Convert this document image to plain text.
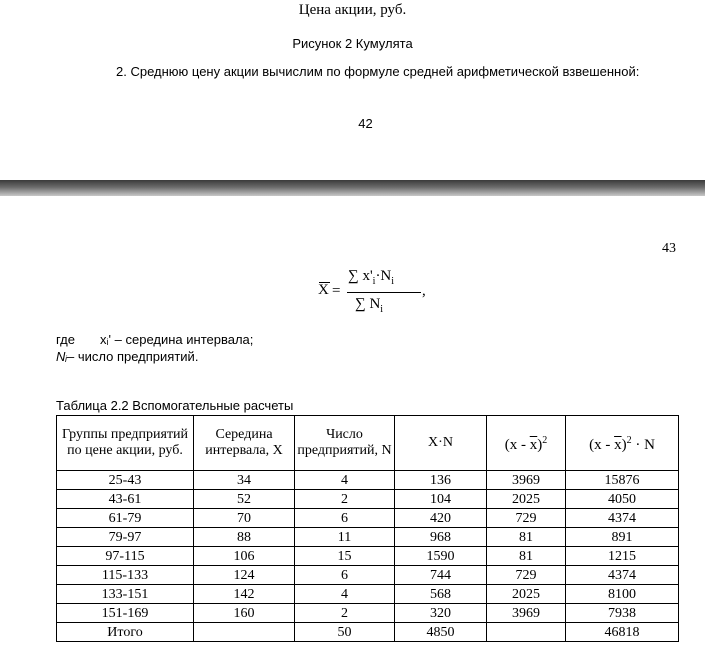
Цена акции, руб.
Рисунок 2 Кумулята
2. Среднюю цену акции вычислим по формуле средней арифметической взвешенной:
42
43
X =
∑ $x'_i\cdot N_i$
∑ $N_i$
,
где xᵢ' – середина интервала;
Nᵢ– число предприятий.
Таблица 2.2 Вспомогательные расчеты
Группы предприятий по цене акции, руб.	Середина интервала, X	Число предприятий, N	X·N	$(x - \overline{x})^2$	$(x - \overline{x})^2 \cdot N$
25-43	34	4	136	3969	15876
43-61	52	2	104	2025	4050
61-79	70	6	420	729	4374
79-97	88	11	968	81	891
97-115	106	15	1590	81	1215
115-133	124	6	744	729	4374
133-151	142	4	568	2025	8100
151-169	160	2	320	3969	7938
Итого		50	4850		46818
